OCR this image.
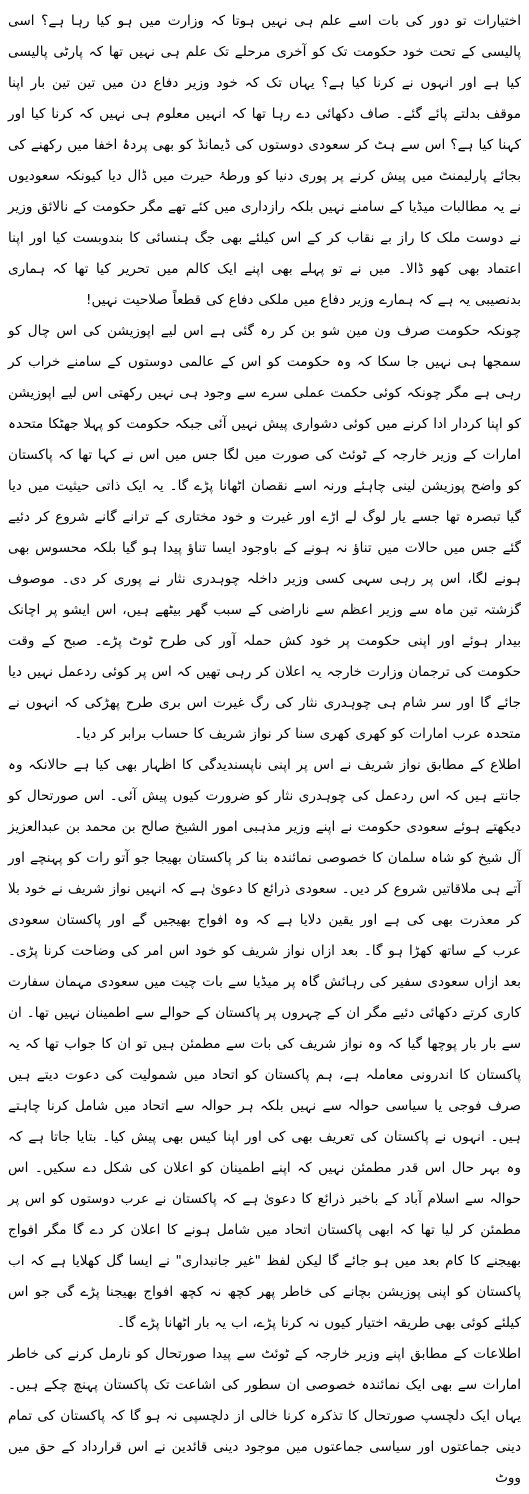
اختیارات تو دور کی بات اسے علم ہی نہیں ہوتا کہ وزارت میں ہو کیا رہا ہے؟ اسی پالیسی کے تحت خود حکومت تک کو آخری مرحلے تک علم ہی نہیں تھا کہ پارٹی پالیسی کیا ہے اور انہوں نے کرنا کیا ہے؟ یہاں تک کہ خود وزیر دفاع دن میں تین تین بار اپنا موقف بدلتے پائے گئے۔ صاف دکھائی دے رہا تھا کہ انہیں معلوم ہی نہیں کہ کرنا کیا اور کہنا کیا ہے؟ اس سے ہٹ کر سعودی دوستوں کی ڈیمانڈ کو بھی پردۂ اخفا میں رکھنے کی بجائے پارلیمنٹ میں پیش کرنے پر پوری دنیا کو ورطۂ حیرت میں ڈال دیا کیونکہ سعودیوں نے یہ مطالبات میڈیا کے سامنے نہیں بلکہ رازداری میں کئے تھے مگر حکومت کے نالائق وزیر نے دوست ملک کا راز بے نقاب کر کے اس کیلئے بھی جگ ہنسائی کا بندوبست کیا اور اپنا اعتماد بھی کھو ڈالا۔ میں نے تو پہلے بھی اپنے ایک کالم میں تحریر کیا تھا کہ ہماری بدنصیبی یہ ہے کہ ہمارے وزیر دفاع میں ملکی دفاع کی قطعاً صلاحیت نہیں!

چونکہ حکومت صرف ون مین شو بن کر رہ گئی ہے اس لیے اپوزیشن کی اس چال کو سمجھا ہی نہیں جا سکا کہ وہ حکومت کو اس کے عالمی دوستوں کے سامنے خراب کر رہی ہے مگر چونکہ کوئی حکمت عملی سرے سے وجود ہی نہیں رکھتی اس لیے اپوزیشن کو اپنا کردار ادا کرنے میں کوئی دشواری پیش نہیں آئی جبکہ حکومت کو پہلا جھٹکا متحدہ امارات کے وزیر خارجہ کے ٹوئٹ کی صورت میں لگا جس میں اس نے کہا تھا کہ پاکستان کو واضح پوزیشن لینی چاہئے ورنہ اسے نقصان اٹھانا پڑے گا۔ یہ ایک ذاتی حیثیت میں دیا گیا تبصرہ تھا جسے یار لوگ لے اڑے اور غیرت و خود مختاری کے ترانے گانے شروع کر دئیے گئے جس میں حالات میں تناؤ نہ ہونے کے باوجود ایسا تناؤ پیدا ہو گیا بلکہ محسوس بھی ہونے لگا، اس پر رہی سہی کسی وزیر داخلہ چوہدری نثار نے پوری کر دی۔ موصوف گزشتہ تین ماہ سے وزیر اعظم سے ناراضی کے سبب گھر بیٹھے ہیں، اس ایشو پر اچانک بیدار ہوئے اور اپنی حکومت پر خود کش حملہ آور کی طرح ٹوٹ پڑے۔ صبح کے وقت حکومت کی ترجمان وزارت خارجہ یہ اعلان کر رہی تھیں کہ اس پر کوئی ردعمل نہیں دیا جائے گا اور سر شام ہی چوہدری نثار کی رگ غیرت اس بری طرح پھڑکی کہ انہوں نے متحدہ عرب امارات کو کھری کھری سنا کر نواز شریف کا حساب برابر کر دیا۔

اطلاع کے مطابق نواز شریف نے اس پر اپنی ناپسندیدگی کا اظہار بھی کیا ہے حالانکہ وہ جانتے ہیں کہ اس ردعمل کی چوہدری نثار کو ضرورت کیوں پیش آئی۔ اس صورتحال کو دیکھتے ہوئے سعودی حکومت نے اپنے وزیر مذہبی امور الشیخ صالح بن محمد بن عبدالعزیز آل شیخ کو شاہ سلمان کا خصوصی نمائندہ بنا کر پاکستان بھیجا جو آتو رات کو پہنچے اور آتے ہی ملاقاتیں شروع کر دیں۔ سعودی ذرائع کا دعویٰ ہے کہ انہیں نواز شریف نے خود بلا کر معذرت بھی کی ہے اور یقین دلایا ہے کہ وہ افواج بھیجیں گے اور پاکستان سعودی عرب کے ساتھ کھڑا ہو گا۔ بعد ازاں نواز شریف کو خود اس امر کی وضاحت کرنا پڑی۔ بعد ازاں سعودی سفیر کی رہائش گاہ پر میڈیا سے بات چیت میں سعودی مہمان سفارت کاری کرتے دکھائی دئیے مگر ان کے چہروں پر پاکستان کے حوالے سے اطمینان نہیں تھا۔ ان سے بار بار پوچھا گیا کہ وہ نواز شریف کی بات سے مطمئن ہیں تو ان کا جواب تھا کہ یہ پاکستان کا اندرونی معاملہ ہے، ہم پاکستان کو اتحاد میں شمولیت کی دعوت دیتے ہیں صرف فوجی یا سیاسی حوالہ سے نہیں بلکہ ہر حوالہ سے اتحاد میں شامل کرنا چاہتے ہیں۔ انہوں نے پاکستان کی تعریف بھی کی اور اپنا کیس بھی پیش کیا۔ بتایا جاتا ہے کہ وہ بہر حال اس قدر مطمئن نہیں کہ اپنے اطمینان کو اعلان کی شکل دے سکیں۔ اس حوالہ سے اسلام آباد کے باخبر ذرائع کا دعویٰ ہے کہ پاکستان نے عرب دوستوں کو اس پر مطمئن کر لیا تھا کہ ابھی پاکستان اتحاد میں شامل ہونے کا اعلان کر دے گا مگر افواج بھیجنے کا کام بعد میں ہو جائے گا لیکن لفظ "غیر جانبداری" نے ایسا گل کھلایا ہے کہ اب پاکستان کو اپنی پوزیشن بچانے کی خاطر پھر کچھ نہ کچھ افواج بھیجنا پڑے گی جو اس کیلئے کوئی بھی طریقہ اختیار کیوں نہ کرنا پڑے، اب یہ بار اٹھانا پڑے گا۔

اطلاعات کے مطابق اپنے وزیر خارجہ کے ٹوئٹ سے پیدا صورتحال کو نارمل کرنے کی خاطر امارات سے بھی ایک نمائندہ خصوصی ان سطور کی اشاعت تک پاکستان پہنچ چکے ہیں۔ یہاں ایک دلچسپ صورتحال کا تذکرہ کرنا خالی از دلچسپی نہ ہو گا کہ پاکستان کی تمام دینی جماعتوں اور سیاسی جماعتوں میں موجود دینی قائدین نے اس قرارداد کے حق میں ووٹ
